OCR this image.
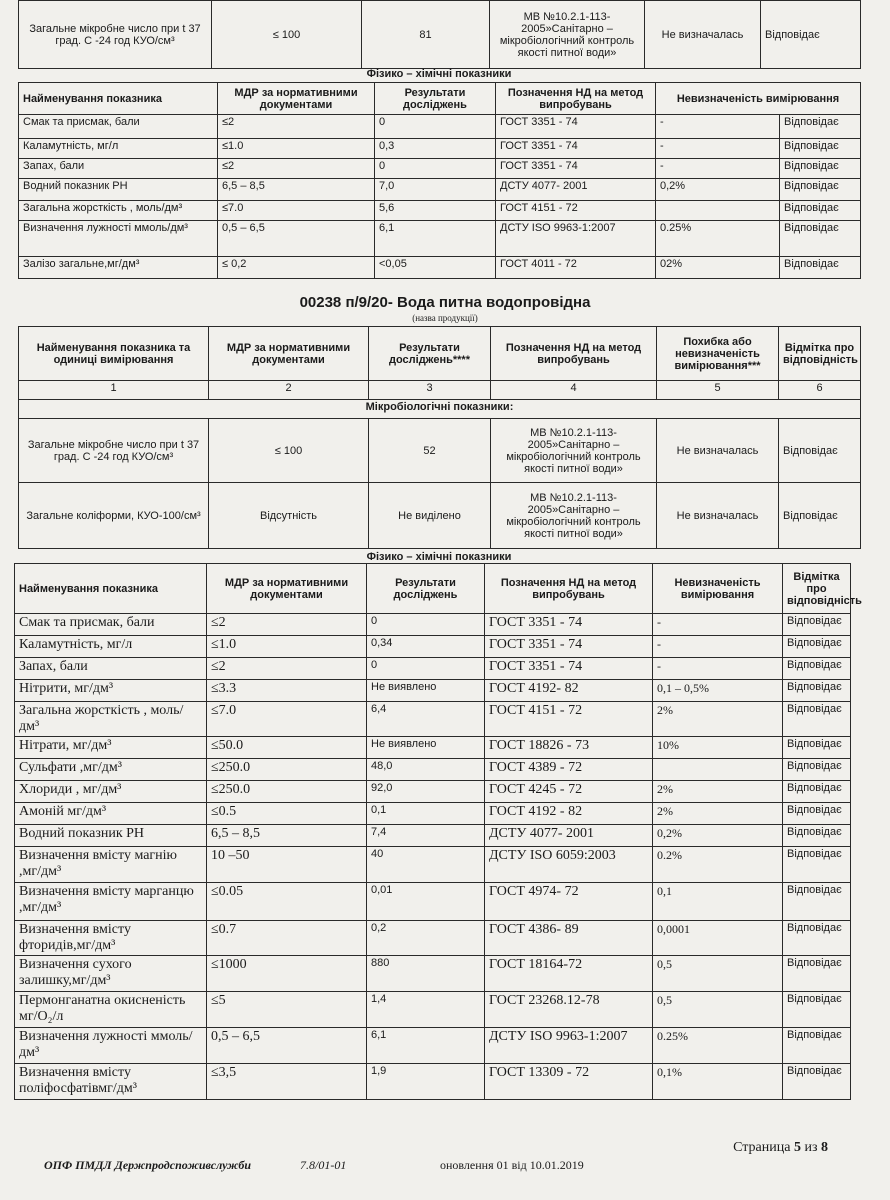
Загальне мікробне число при t 37 град. С -24 год КУО/см³	≤ 100	81	МВ №10.2.1-113-2005»Санітарно – мікробіологічний контроль якості питної води»	Не визначалась	Відповідає
Фізико – хімічні показники
Найменування показника	МДР за нормативними документами	Результати досліджень	Позначення НД на метод випробувань	Невизначеність вимірювання	
Смак та присмак, бали	≤2	0	ГОСТ 3351 - 74	-	Відповідає
Каламутність, мг/л	≤1.0	0,3	ГОСТ 3351 - 74	-	Відповідає
Запах, бали	≤2	0	ГОСТ 3351 - 74	-	Відповідає
Водний показник РН	6,5 – 8,5	7,0	ДСТУ 4077- 2001	0,2%	Відповідає
Загальна жорсткість , моль/дм³	≤7.0	5,6	ГОСТ 4151 - 72		Відповідає
Визначення лужності ммоль/дм³	0,5 – 6,5	6,1	ДСТУ ISO 9963-1:2007	0.25%	Відповідає
Залізо загальне,мг/дм³	≤ 0,2	<0,05	ГОСТ 4011 - 72	02%	Відповідає
00238 п/9/20- Вода питна водопровідна
(назва продукції)
Найменування показника та одиниці вимірювання	МДР за нормативними документами	Результати досліджень****	Позначення НД на метод випробувань	Похибка або невизначеність вимірювання***	Відмітка про відповідність
1	2	3	4	5	6
Мікробіологічні показники:					
Загальне мікробне число при t 37 град. С -24 год КУО/см³	≤ 100	52	МВ №10.2.1-113-2005»Санітарно – мікробіологічний контроль якості питної води»	Не визначалась	Відповідає
Загальне коліформи, КУО-100/см³	Відсутність	Не виділено	МВ №10.2.1-113-2005»Санітарно – мікробіологічний контроль якості питної води»	Не визначалась	Відповідає
Фізико – хімічні показники
Найменування показника	МДР за нормативними документами	Результати досліджень	Позначення НД на метод випробувань	Невизначеність вимірювання	Відмітка про відповідність
Смак та присмак, бали	≤2	0	ГОСТ 3351 - 74	-	Відповідає
Каламутність, мг/л	≤1.0	0,34	ГОСТ 3351 - 74	-	Відповідає
Запах, бали	≤2	0	ГОСТ 3351 - 74	-	Відповідає
Нітрити, мг/дм³	≤3.3	Не виявлено	ГОСТ 4192- 82	0,1 – 0,5%	Відповідає
Загальна жорсткість , моль/дм³	≤7.0	6,4	ГОСТ 4151 - 72	2%	Відповідає
Нітрати, мг/дм³	≤50.0	Не виявлено	ГОСТ 18826 - 73	10%	Відповідає
Сульфати ,мг/дм³	≤250.0	48,0	ГОСТ 4389 - 72		Відповідає
Хлориди , мг/дм³	≤250.0	92,0	ГОСТ 4245 - 72	2%	Відповідає
Амоній мг/дм³	≤0.5	0,1	ГОСТ 4192 - 82	2%	Відповідає
Водний показник РН	6,5 – 8,5	7,4	ДСТУ 4077- 2001	0,2%	Відповідає
Визначення вмісту магнію ,мг/дм³	10 –50	40	ДСТУ ISO 6059:2003	0.2%	Відповідає
Визначення вмісту марганцю ,мг/дм³	≤0.05	0,01	ГОСТ 4974- 72	0,1	Відповідає
Визначення вмісту фторидів,мг/дм³	≤0.7	0,2	ГОСТ 4386- 89	0,0001	Відповідає
Визначення сухого залишку,мг/дм³	≤1000	880	ГОСТ 18164-72	0,5	Відповідає
Пермонганатна окисненість мг/О₂/л	≤5	1,4	ГОСТ 23268.12-78	0,5	Відповідає
Визначення лужності ммоль/дм³	0,5 – 6,5	6,1	ДСТУ ISO 9963-1:2007	0.25%	Відповідає
Визначення вмісту поліфосфатівмг/дм³	≤3,5	1,9	ГОСТ 13309 - 72	0,1%	Відповідає
Страница 5 из 8
ОПФ ПМДЛ Держпродспоживслужби	7.8/01-01	оновлення 01 від 10.01.2019
